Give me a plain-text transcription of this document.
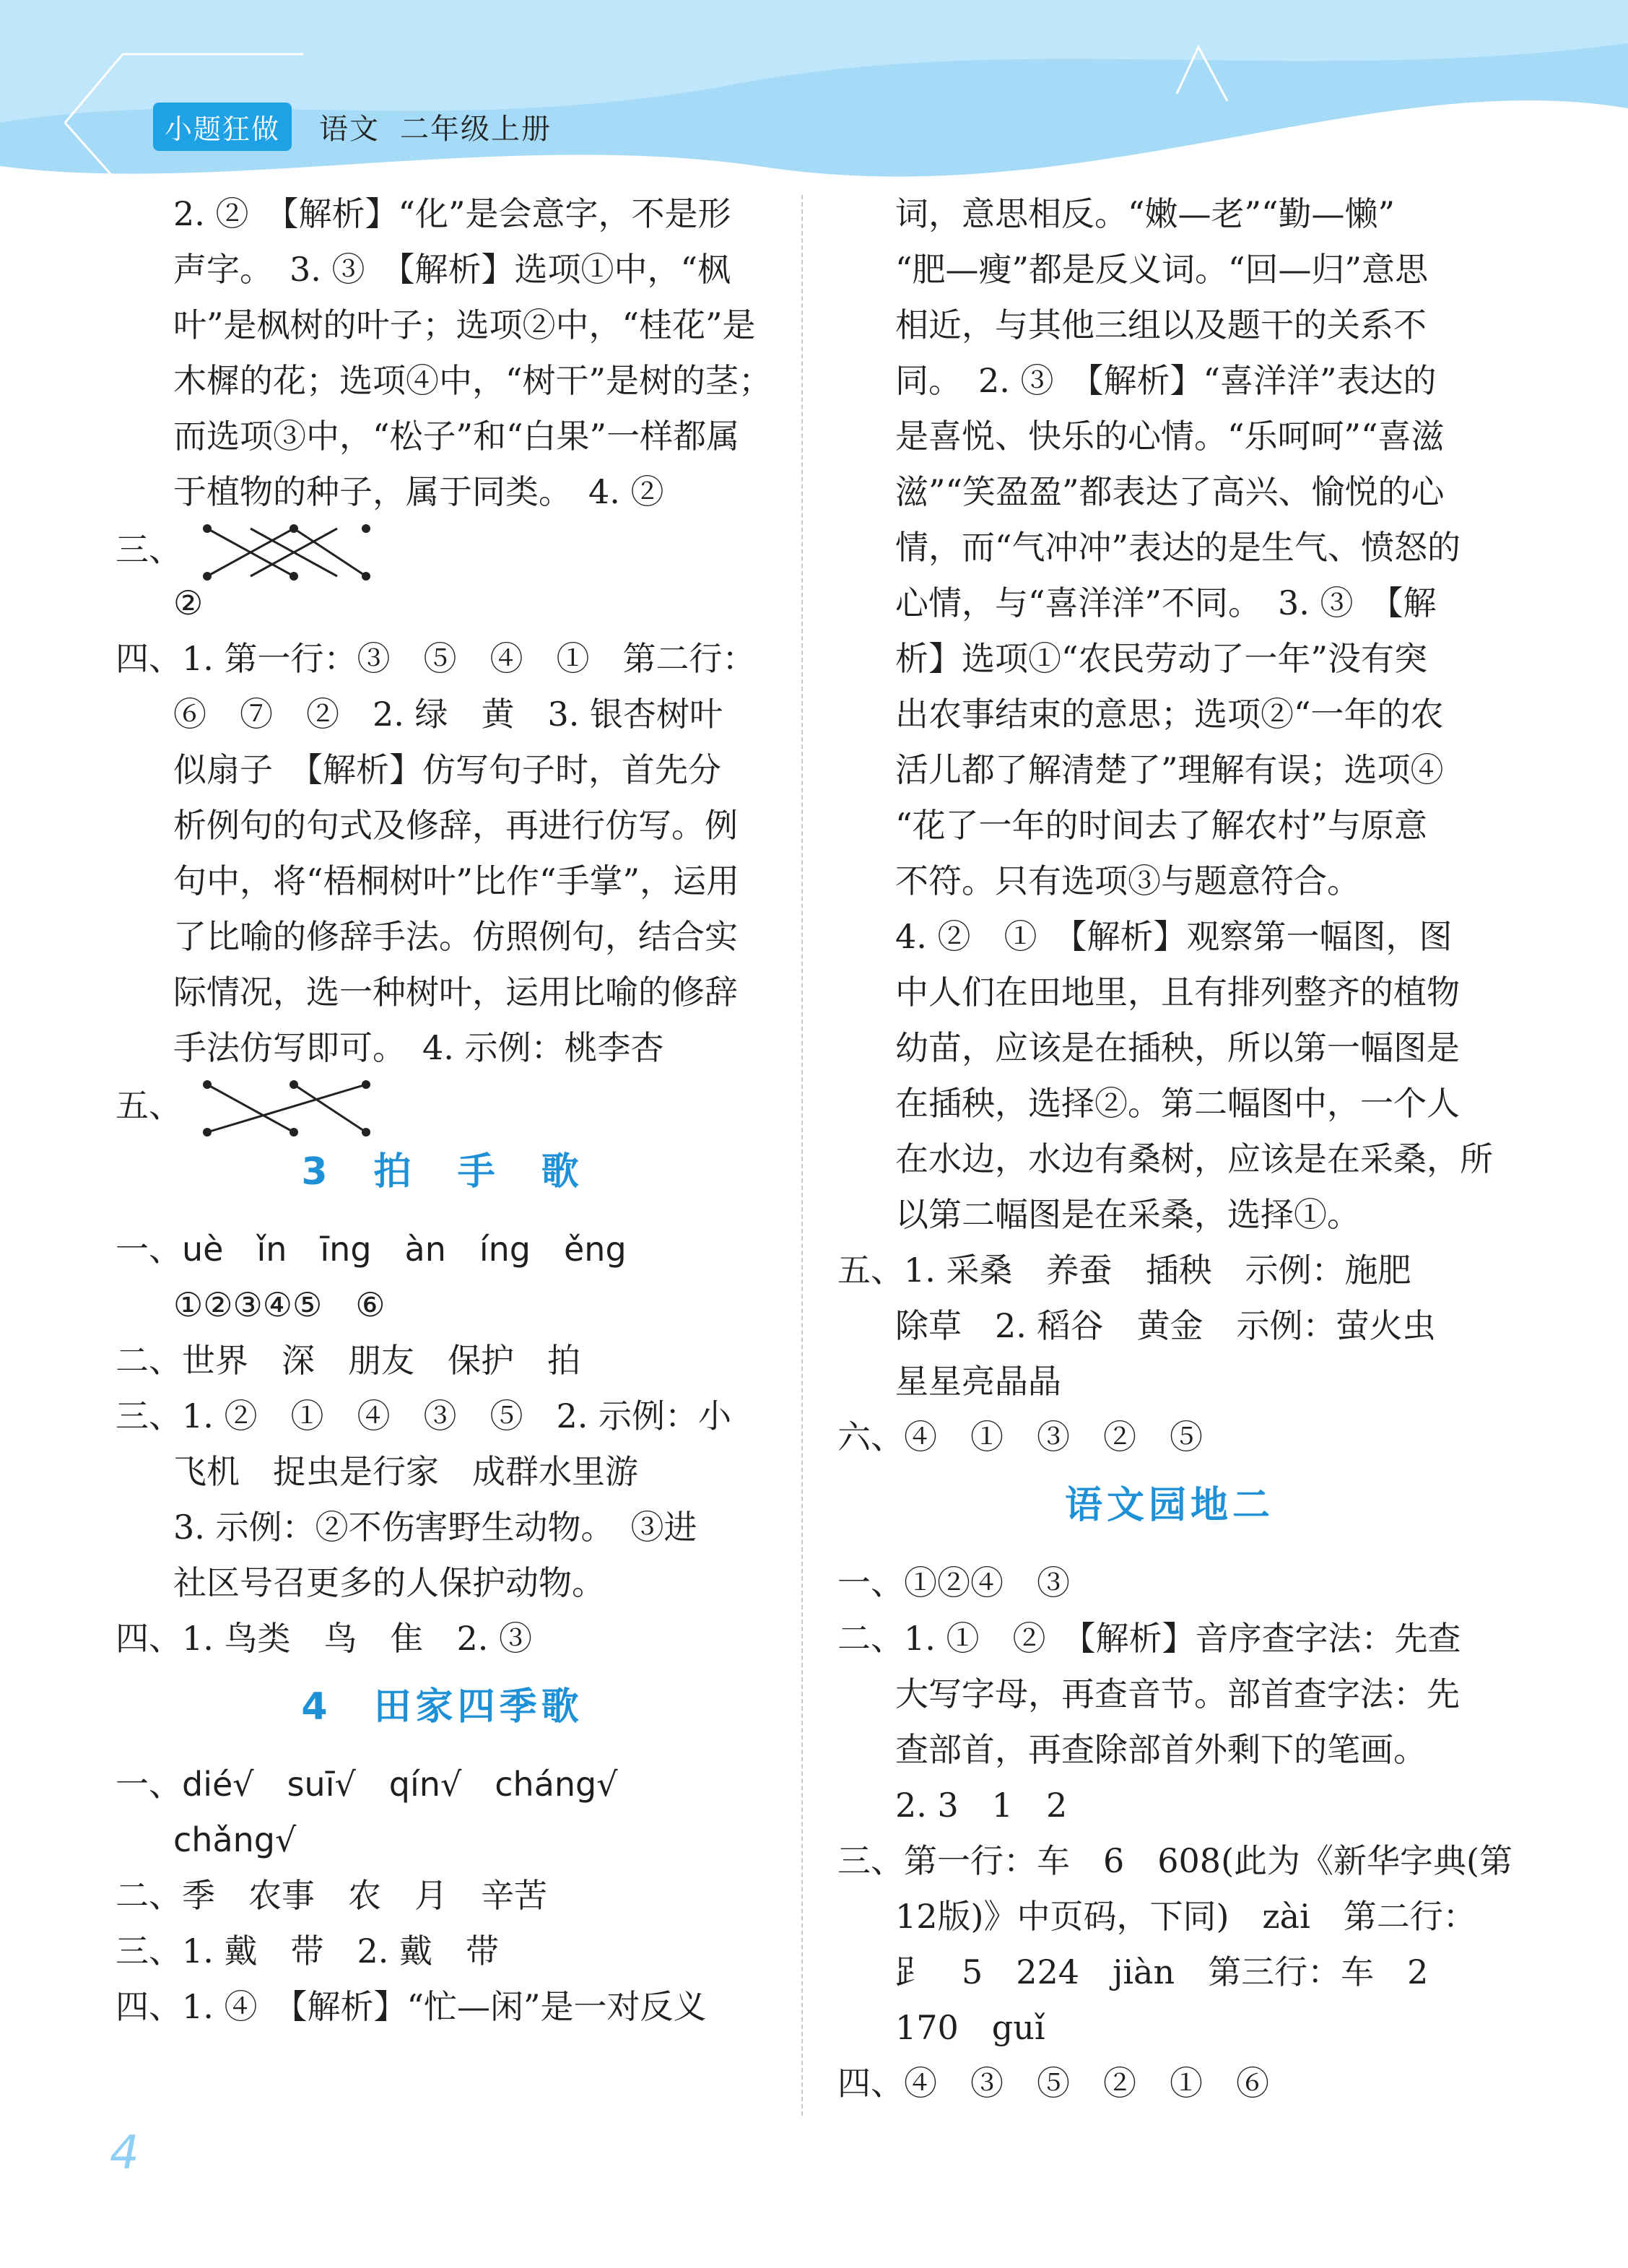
小题狂做	语文 二年级上册
2. ②　【解析】“化”是会意字，不是形
声字。　3. ③　【解析】选项①中，“枫
叶”是枫树的叶子；选项②中，“桂花”是
木樨的花；选项④中，“树干”是树的茎；
而选项③中，“松子”和“白果”一样都属
于植物的种子，属于同类。　4. ②
三、
②
四、1. 第一行：③　⑤　④　①　第二行：
⑥　⑦　②　2. 绿　黄　3. 银杏树叶
似扇子　【解析】仿写句子时，首先分
析例句的句式及修辞，再进行仿写。例
句中，将“梧桐树叶”比作“手掌”，运用
了比喻的修辞手法。仿照例句，结合实
际情况，选一种树叶，运用比喻的修辞
手法仿写即可。　4. 示例：桃李杏
五、
3　拍　手　歌
一、uè　ǐn　īng　àn　íng　ěng
①②③④⑤　⑥
二、世界　深　朋友　保护　拍
三、1. ②　①　④　③　⑤　2. 示例：小
飞机　捉虫是行家　成群水里游
3. 示例：②不伤害野生动物。　③进
社区号召更多的人保护动物。
四、1. 鸟类　鸟　隹　2. ③
4　田家四季歌
一、dié√　suī√　qín√　cháng√
chǎng√
二、季　农事　农　月　辛苦
三、1. 戴　带　2. 戴　带
四、1. ④　【解析】“忙—闲”是一对反义
词，意思相反。“嫩—老”“勤—懒”
“肥—瘦”都是反义词。“回—归”意思
相近，与其他三组以及题干的关系不
同。　2. ③　【解析】“喜洋洋”表达的
是喜悦、快乐的心情。“乐呵呵”“喜滋
滋”“笑盈盈”都表达了高兴、愉悦的心
情，而“气冲冲”表达的是生气、愤怒的
心情，与“喜洋洋”不同。　3. ③　【解
析】选项①“农民劳动了一年”没有突
出农事结束的意思；选项②“一年的农
活儿都了解清楚了”理解有误；选项④
“花了一年的时间去了解农村”与原意
不符。只有选项③与题意符合。
4. ②　①　【解析】观察第一幅图，图
中人们在田地里，且有排列整齐的植物
幼苗，应该是在插秧，所以第一幅图是
在插秧，选择②。第二幅图中，一个人
在水边，水边有桑树，应该是在采桑，所
以第二幅图是在采桑，选择①。
五、1. 采桑　养蚕　插秧　示例：施肥
除草　2. 稻谷　黄金　示例：萤火虫
星星亮晶晶
六、④　①　③　②　⑤
语文园地二
一、①②④　③
二、1. ①　②　【解析】音序查字法：先查
大写字母，再查音节。部首查字法：先
查部首，再查除部首外剩下的笔画。
2. 3　1　2
三、第一行：车　6　608(此为《新华字典(第
12版)》中页码，下同)　zài　第二行：
𧾷　5　224　jiàn　第三行：车　2
170　guǐ
四、④　③　⑤　②　①　⑥
4
